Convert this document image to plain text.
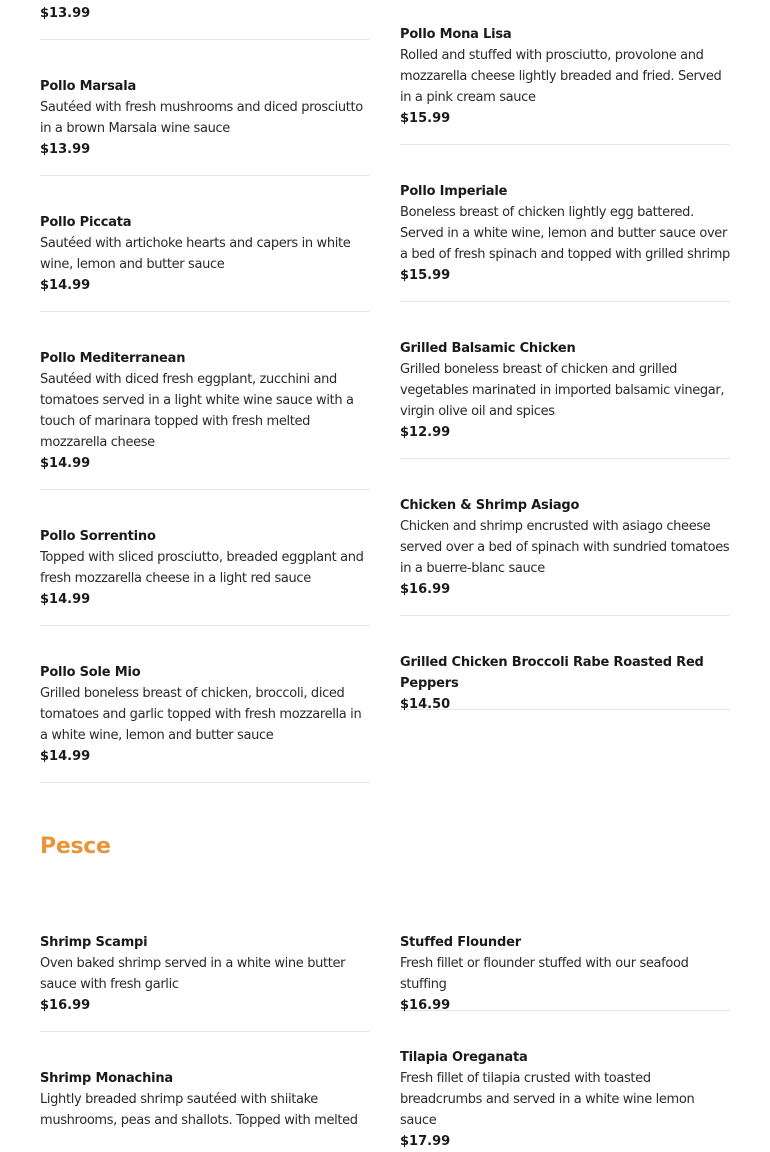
$13.99
Pollo Marsala
Sautéed with fresh mushrooms and diced prosciutto in a brown Marsala wine sauce
$13.99
Pollo Piccata
Sautéed with artichoke hearts and capers in white wine, lemon and butter sauce
$14.99
Pollo Mediterranean
Sautéed with diced fresh eggplant, zucchini and tomatoes served in a light white wine sauce with a touch of marinara topped with fresh melted mozzarella cheese
$14.99
Pollo Sorrentino
Topped with sliced prosciutto, breaded eggplant and fresh mozzarella cheese in a light red sauce
$14.99
Pollo Sole Mio
Grilled boneless breast of chicken, broccoli, diced tomatoes and garlic topped with fresh mozzarella in a white wine, lemon and butter sauce
$14.99
Pollo Mona Lisa
Rolled and stuffed with prosciutto, provolone and mozzarella cheese lightly breaded and fried. Served in a pink cream sauce
$15.99
Pollo Imperiale
Boneless breast of chicken lightly egg battered. Served in a white wine, lemon and butter sauce over a bed of fresh spinach and topped with grilled shrimp
$15.99
Grilled Balsamic Chicken
Grilled boneless breast of chicken and grilled vegetables marinated in imported balsamic vinegar, virgin olive oil and spices
$12.99
Chicken & Shrimp Asiago
Chicken and shrimp encrusted with asiago cheese served over a bed of spinach with sundried tomatoes in a buerre-blanc sauce
$16.99
Grilled Chicken Broccoli Rabe Roasted Red Peppers
$14.50
Pesce
Shrimp Scampi
Oven baked shrimp served in a white wine butter sauce with fresh garlic
$16.99
Shrimp Monachina
Lightly breaded shrimp sautéed with shiitake mushrooms, peas and shallots. Topped with melted
Stuffed Flounder
Fresh fillet or flounder stuffed with our seafood stuffing
$16.99
Tilapia Oreganata
Fresh fillet of tilapia crusted with toasted breadcrumbs and served in a white wine lemon sauce
$17.99
